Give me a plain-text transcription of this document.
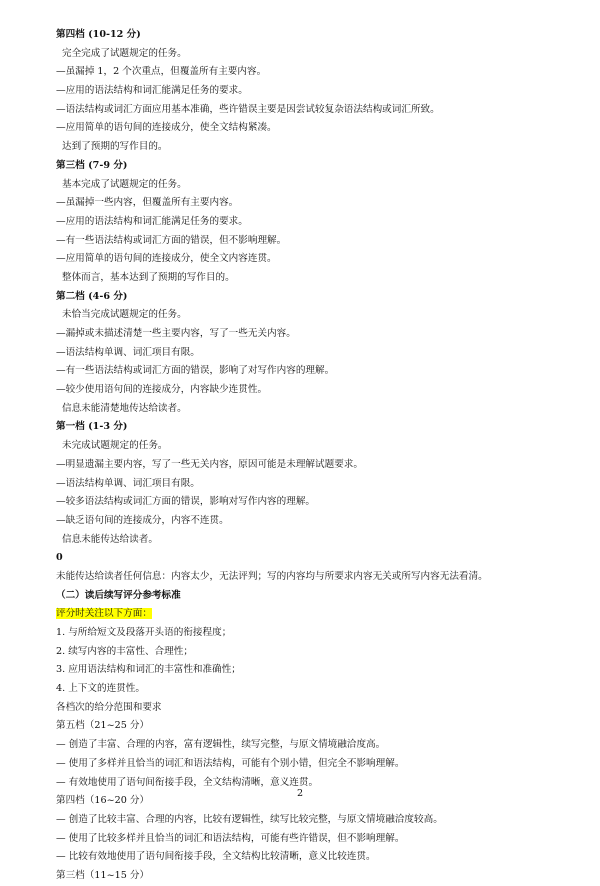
第四档 (10-12 分)
完全完成了试题规定的任务。
—虽漏掉 1，2 个次重点，但覆盖所有主要内容。
—应用的语法结构和词汇能满足任务的要求。
—语法结构或词汇方面应用基本准确，些许错误主要是因尝试较复杂语法结构或词汇所致。
—应用简单的语句间的连接成分，使全文结构紧凑。
达到了预期的写作目的。
第三档 (7-9 分)
基本完成了试题规定的任务。
—虽漏掉一些内容，但覆盖所有主要内容。
—应用的语法结构和词汇能满足任务的要求。
—有一些语法结构或词汇方面的错误，但不影响理解。
—应用简单的语句间的连接成分，使全文内容连贯。
整体而言，基本达到了预期的写作目的。
第二档 (4-6 分)
未恰当完成试题规定的任务。
—漏掉或未描述清楚一些主要内容，写了一些无关内容。
—语法结构单调、词汇项目有限。
—有一些语法结构或词汇方面的错误，影响了对写作内容的理解。
—较少使用语句间的连接成分，内容缺少连贯性。
信息未能清楚地传达给读者。
第一档 (1-3 分)
未完成试题规定的任务。
—明显遗漏主要内容，写了一些无关内容，原因可能是未理解试题要求。
—语法结构单调、词汇项目有限。
—较多语法结构或词汇方面的错误，影响对写作内容的理解。
—缺乏语句间的连接成分，内容不连贯。
信息未能传达给读者。
0
未能传达给读者任何信息：内容太少，无法评判；写的内容均与所要求内容无关或所写内容无法看清。
（二）读后续写评分参考标准
评分时关注以下方面：
1. 与所给短文及段落开头语的衔接程度；
2. 续写内容的丰富性、合理性；
3. 应用语法结构和词汇的丰富性和准确性；
4. 上下文的连贯性。
各档次的给分范围和要求
第五档（21~25 分）
— 创造了丰富、合理的内容，富有逻辑性，续写完整，与原文情境融洽度高。
— 使用了多样并且恰当的词汇和语法结构，可能有个别小错，但完全不影响理解。
— 有效地使用了语句间衔接手段，全文结构清晰，意义连贯。
第四档（16~20 分）
— 创造了比较丰富、合理的内容，比较有逻辑性，续写比较完整，与原文情境融洽度较高。
— 使用了比较多样并且恰当的词汇和语法结构，可能有些许错误，但不影响理解。
— 比较有效地使用了语句间衔接手段，全文结构比较清晰，意义比较连贯。
第三档（11~15 分）
2
